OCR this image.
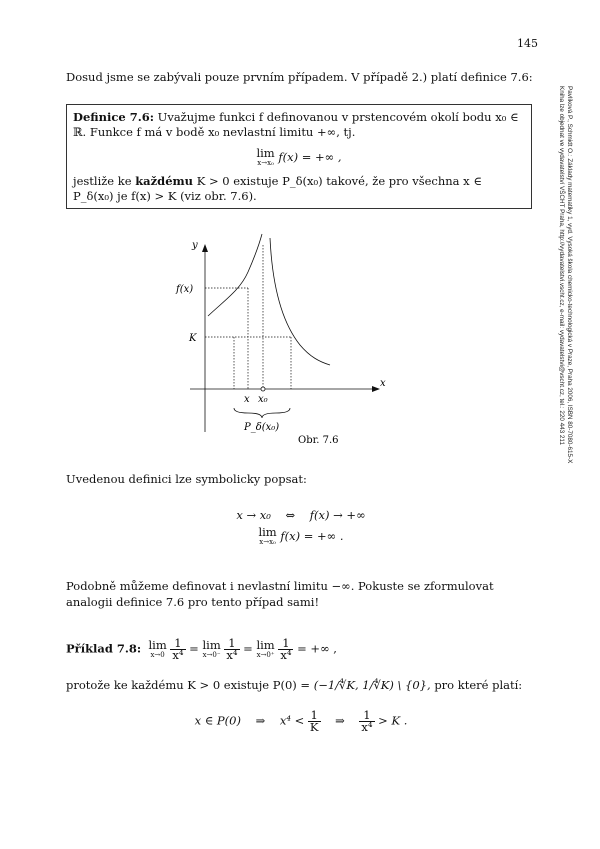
145
Pavlíková P., Schmidt O.: Základy matematiky 1, vyd. Vysoká škola chemicko-technologická v Praze, Praha 2006, ISBN 80-7080-615-X
Kniha lze objednat ve vydavatelství VŠCHT Praha, http://vydavatelstvi.vscht.cz, e-mail: vydavatelstvi@vscht.cz, tel.: 220 443 211
Dosud jsme se zabývali pouze prvním případem. V případě 2.) platí definice 7.6:
Definice 7.6: Uvažujme funkci f definovanou v prstencovém okolí bodu x₀ ∈ ℝ. Funkce f má v bodě x₀ nevlastní limitu +∞, tj.
lim
x→x₀ f(x) = +∞ ,
jestliže ke každému K > 0 existuje P_δ(x₀) takové, že pro všechna x ∈ P_δ(x₀) je f(x) > K (viz obr. 7.6).
y
x
f(x)
K
x x₀
P_δ(x₀)
Obr. 7.6
Uvedenou definici lze symbolicky popsat:
x → x₀ ⇔ f(x) → +∞
lim
x→x₀ f(x) = +∞ .
Podobně můžeme definovat i nevlastní limitu −∞. Pokuste se zformulovat analogii definice 7.6 pro tento případ sami!
Příklad 7.8: lim
x→0
$\frac{1}{\text{x⁴}} = \lim$
x→0⁻
$\frac{1}{\text{x⁴}} = \lim$
x→0⁺
$\frac{1}{\text{x⁴}}$ = +∞ ,
protože ke každému K > 0 existuje P(0) = (−1/∜K, 1/∜K) \ {0}, pro které platí:
x ∈ P(0) ⇒ $x^4 < \frac{1}{K}$ ⇒ $\frac{1}{\text{x⁴}} > K$ .
